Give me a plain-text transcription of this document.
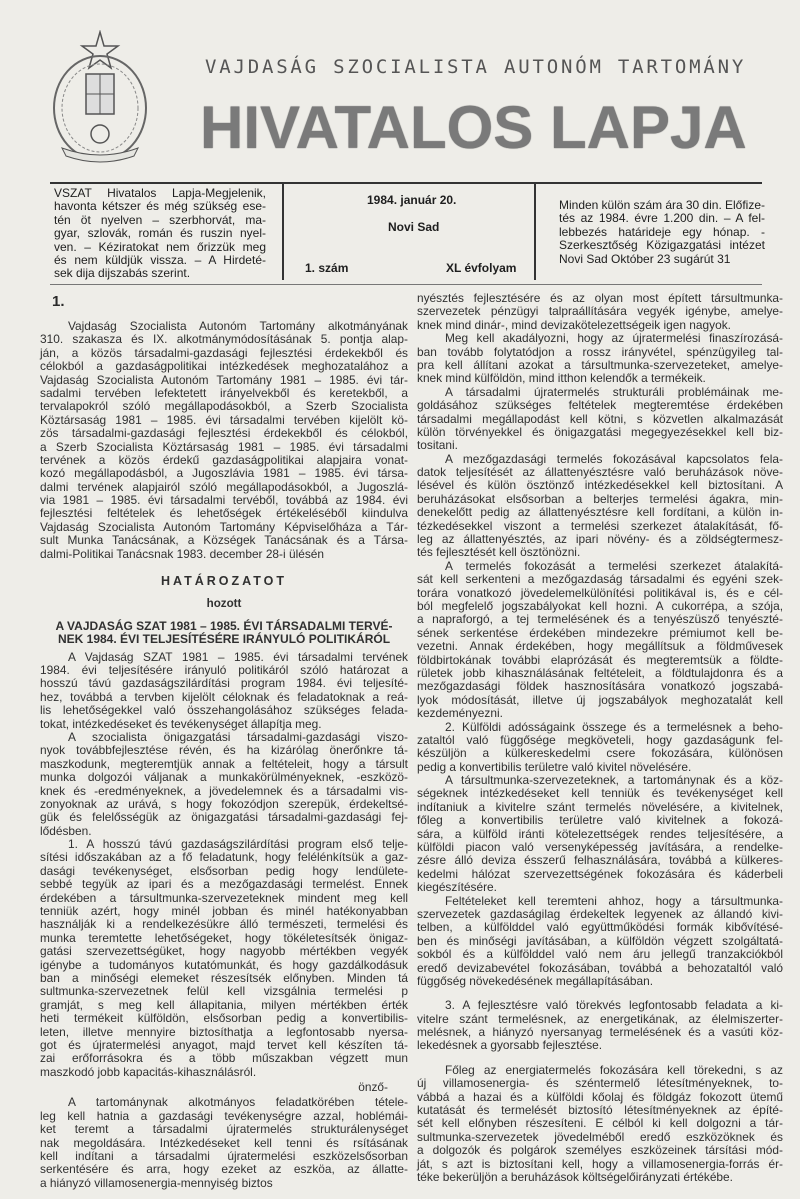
VAJDASÁG SZOCIALISTA AUTONÓM TARTOMÁNY
HIVATALOS LAPJA
VSZAT Hivatalos Lapja-Megjelenik,
havonta kétszer és még szükség ese-
tén öt nyelven – szerbhorvát, ma-
gyar, szlovák, román és ruszin nyel-
ven. – Kéziratokat nem őrizzük meg
és nem küldjük vissza. – A Hirdeté-
sek dija dijszabás szerint.
1984. január 20.
Novi Sad
1. szám	XL évfolyam
Minden külön szám ára 30 din. Előfize-
tés az 1984. évre 1.200 din. – A fel-
lebbezés határideje egy hónap. -
Szerkesztőség Közigazgatási intézet
Novi Sad Október 23 sugárút 31
1.
Vajdaság Szocialista Autonóm Tartomány alkotmányának
310. szakasza és IX. alkotmánymódosításának 5. pontja alap-
ján, a közös társadalmi-gazdasági fejlesztési érdekekből és
célokból a gazdaságpolitikai intézkedések meghozatalához a
Vajdaság Szocialista Autonóm Tartomány 1981 – 1985. évi tár-
sadalmi tervében lefektetett irányelvekből és keretekből, a
tervalapokról szóló megállapodásokból, a Szerb Szocialista
Köztársaság 1981 – 1985. évi társadalmi tervében kijelölt kö-
zös társadalmi-gazdasági fejlesztési érdekekből és célokból,
a Szerb Szocialista Köztársaság 1981 – 1985. évi társadalmi
tervének a közös érdekű gazdaságpolitikai alapjaira vonat-
kozó megállapodásból, a Jugoszlávia 1981 – 1985. évi társa-
dalmi tervének alapjairól szóló megállapodásokból, a Jugoszlá-
via 1981 – 1985. évi társadalmi tervéből, továbbá az 1984. évi
fejlesztési feltételek és lehetőségek értékeléséből kiindulva
Vajdaság Szocialista Autonóm Tartomány Képviselőháza a Tár-
sult Munka Tanácsának, a Községek Tanácsának és a Társa-
dalmi-Politikai Tanácsnak 1983. december 28-i ülésén
HATÁROZATOT
hozott
A VAJDASÁG SZAT 1981 – 1985. ÉVI TÁRSADALMI TERVÉ-
NEK 1984. ÉVI TELJESÍTÉSÉRE IRÁNYULÓ POLITIKÁRÓL
A Vajdaság SZAT 1981 – 1985. évi társadalmi tervének
1984. évi teljesítésére irányuló politikáról szóló határozat a
hosszú távú gazdaságszilárdítási program 1984. évi teljesíté-
hez, továbbá a tervben kijelölt céloknak és feladatoknak a reá-
lis lehetőségekkel való összehangolásához szükséges felada-
tokat, intézkedéseket és tevékenységet állapítja meg.
A szocialista önigazgatási társadalmi-gazdasági viszo-
nyok továbbfejlesztése révén, és ha kizárólag önerőnkre tá-
maszkodunk, megteremtjük annak a feltételeit, hogy a társult
munka dolgozói váljanak a munkakörülményeknek, -eszközö-
knek és -eredményeknek, a jövedelemnek és a társadalmi vis-
zonyoknak az urává, s hogy fokozódjon szerepük, érdekeltsé-
gük és felelősségük az önigazgatási társadalmi-gazdasági fej-
lődésben.
1. A hosszú távú gazdaságszilárdítási program első telje-
sítési időszakában az a fő feladatunk, hogy felélénkítsük a gaz-
dasági tevékenységet, elsősorban pedig hogy lendülete-
sebbé tegyük az ipari és a mezőgazdasági termelést. Ennek
érdekében a társultmunka-szervezeteknek mindent meg kell
tenniük azért, hogy minél jobban és minél hatékonyabban
használják ki a rendelkezésükre álló természeti, termelési és
munka teremtette lehetőségeket, hogy tökéletesítsék önigaz-
gatási szervezettségüket, hogy nagyobb mértékben vegyék
igénybe a tudományos kutatómunkát, és hogy gazdálkodásuk
ban a minőségi elemeket részesítsék előnyben. Minden tá
sultmunka-szervezetnek felül kell vizsgálnia termelési p
gramját, s meg kell állapitania, milyen mértékben érték
heti termékeit külföldön, elsősorban pedig a konvertibilis-
leten, illetve mennyire biztosíthatja a legfontosabb nyersa-
got és újratermelési anyagot, majd tervet kell készíten tá-
zai erőforrásokra és a több műszakban végzett mun
maszkodó jobb kapacitás-kihasználásról.
önző-
A tartománynak alkotmányos feladatkörében tétele-
leg kell hatnia a gazdasági tevékenységre azzal, hoblémái-
ket teremt a társadalmi újratermelés strukturálenységet
nak megoldására. Intézkedéseket kell tenni és rsításának
kell indítani a társadalmi újratermelési eszközelsősorban
serkentésére és arra, hogy ezeket az eszköa, az állatte-
a hiányzó villamosenergia-mennyiség biztos
nyésztés fejlesztésére és az olyan most épített társultmunka-
szervezetek pénzügyi talpraállítására vegyék igénybe, amelye-
knek mind dinár-, mind devizakötelezettségeik igen nagyok.
Meg kell akadályozni, hogy az újratermelési finaszírozásá-
ban tovább folytatódjon a rossz irányvétel, spénzügyileg tal-
pra kell állítani azokat a társultmunka-szervezeteket, amelye-
knek mind külföldön, mind itthon kelendők a termékeik.
A társadalmi újratermelés strukturáli problémáinak me-
goldásához szükséges feltételek megteremtése érdekében
társadalmi megállapodást kell kötni, s közvetlen alkalmazását
külön törvényekkel és önigazgatási megegyezésekkel kell biz-
tositani.
A mezőgazdasági termelés fokozásával kapcsolatos fela-
datok teljesítését az állattenyésztésre való beruházások növe-
lésével és külön ösztönző intézkedésekkel kell biztosítani. A
beruházásokat elsősorban a belterjes termelési ágakra, min-
denekelőtt pedig az állattenyésztésre kell fordítani, a külön in-
tézkedésekkel viszont a termelési szerkezet átalakítását, fő-
leg az állattenyésztés, az ipari növény- és a zöldségtermesz-
tés fejlesztését kell ösztönözni.
A termelés fokozását a termelési szerkezet átalakítá-
sát kell serkenteni a mezőgazdaság társadalmi és egyéni szek-
torára vonatkozó jövedelemelkülönítési politikával is, és e cél-
ból megfelelő jogszabályokat kell hozni. A cukorrépa, a szója,
a napraforgó, a tej termelésének és a tenyészüsző tenyészté-
sének serkentése érdekében mindezekre prémiumot kell be-
vezetni. Annak érdekében, hogy megállítsuk a földművesek
földbirtokának további elaprózását és megteremtsük a földte-
rületek jobb kihasználásának feltételeit, a földtulajdonra és a
mezőgazdasági földek hasznosítására vonatkozó jogszabá-
lyok módosítását, illetve új jogszabályok meghozatalát kell
kezdeményezni.
2. Külföldi adósságaink összege és a termelésnek a beho-
zataltól való függősége megköveteli, hogy gazdaságunk fel-
készüljön a külkereskedelmi csere fokozására, különösen
pedig a konvertibilis területre való kivitel növelésére.
A társultmunka-szervezeteknek, a tartománynak és a köz-
ségeknek intézkedéseket kell tenniük és tevékenységet kell
indítaniuk a kivitelre szánt termelés növelésére, a kivitelnek,
főleg a konvertibilis területre való kivitelnek a fokozá-
sára, a külföld iránti kötelezettségek rendes teljesítésére, a
külföldi piacon való versenyképesség javítására, a rendelke-
zésre álló deviza ésszerű felhasználására, továbbá a külkeres-
kedelmi hálózat szervezettségének fokozására és káderbeli
kiegészítésére.
Feltételeket kell teremteni ahhoz, hogy a társultmunka-
szervezetek gazdaságilag érdekeltek legyenek az állandó kivi-
telben, a külfölddel való együttműködési formák kibővítésé-
ben és minőségi javításában, a külföldön végzett szolgáltatá-
sokból és a külfölddel való nem áru jellegű tranzakciókból
eredő devizabevétel fokozásában, továbbá a behozataltól való
függőség növekedésének megállapításában.
3. A fejlesztésre való törekvés legfontosabb feladata a ki-
vitelre szánt termelésnek, az energetikának, az élelmiszerter-
melésnek, a hiányzó nyersanyag termelésének és a vasúti köz-
lekedésnek a gyorsabb fejlesztése.
Főleg az energiatermelés fokozására kell törekedni, s az
új villamosenergia- és széntermelő létesítményeknek, to-
vábbá a hazai és a külföldi kőolaj és földgáz fokozott ütemű
kutatását és termelését biztosító létesítményeknek az építé-
sét kell előnyben részesíteni. E célból ki kell dolgozni a tár-
sultmunka-szervezetek jövedelméből eredő eszközöknek és
a dolgozók és polgárok személyes eszközeinek társítási mód-
ját, s azt is biztosítani kell, hogy a villamosenergia-forrás ér-
téke bekerüljön a beruházások költségelőirányzati értékébe.
